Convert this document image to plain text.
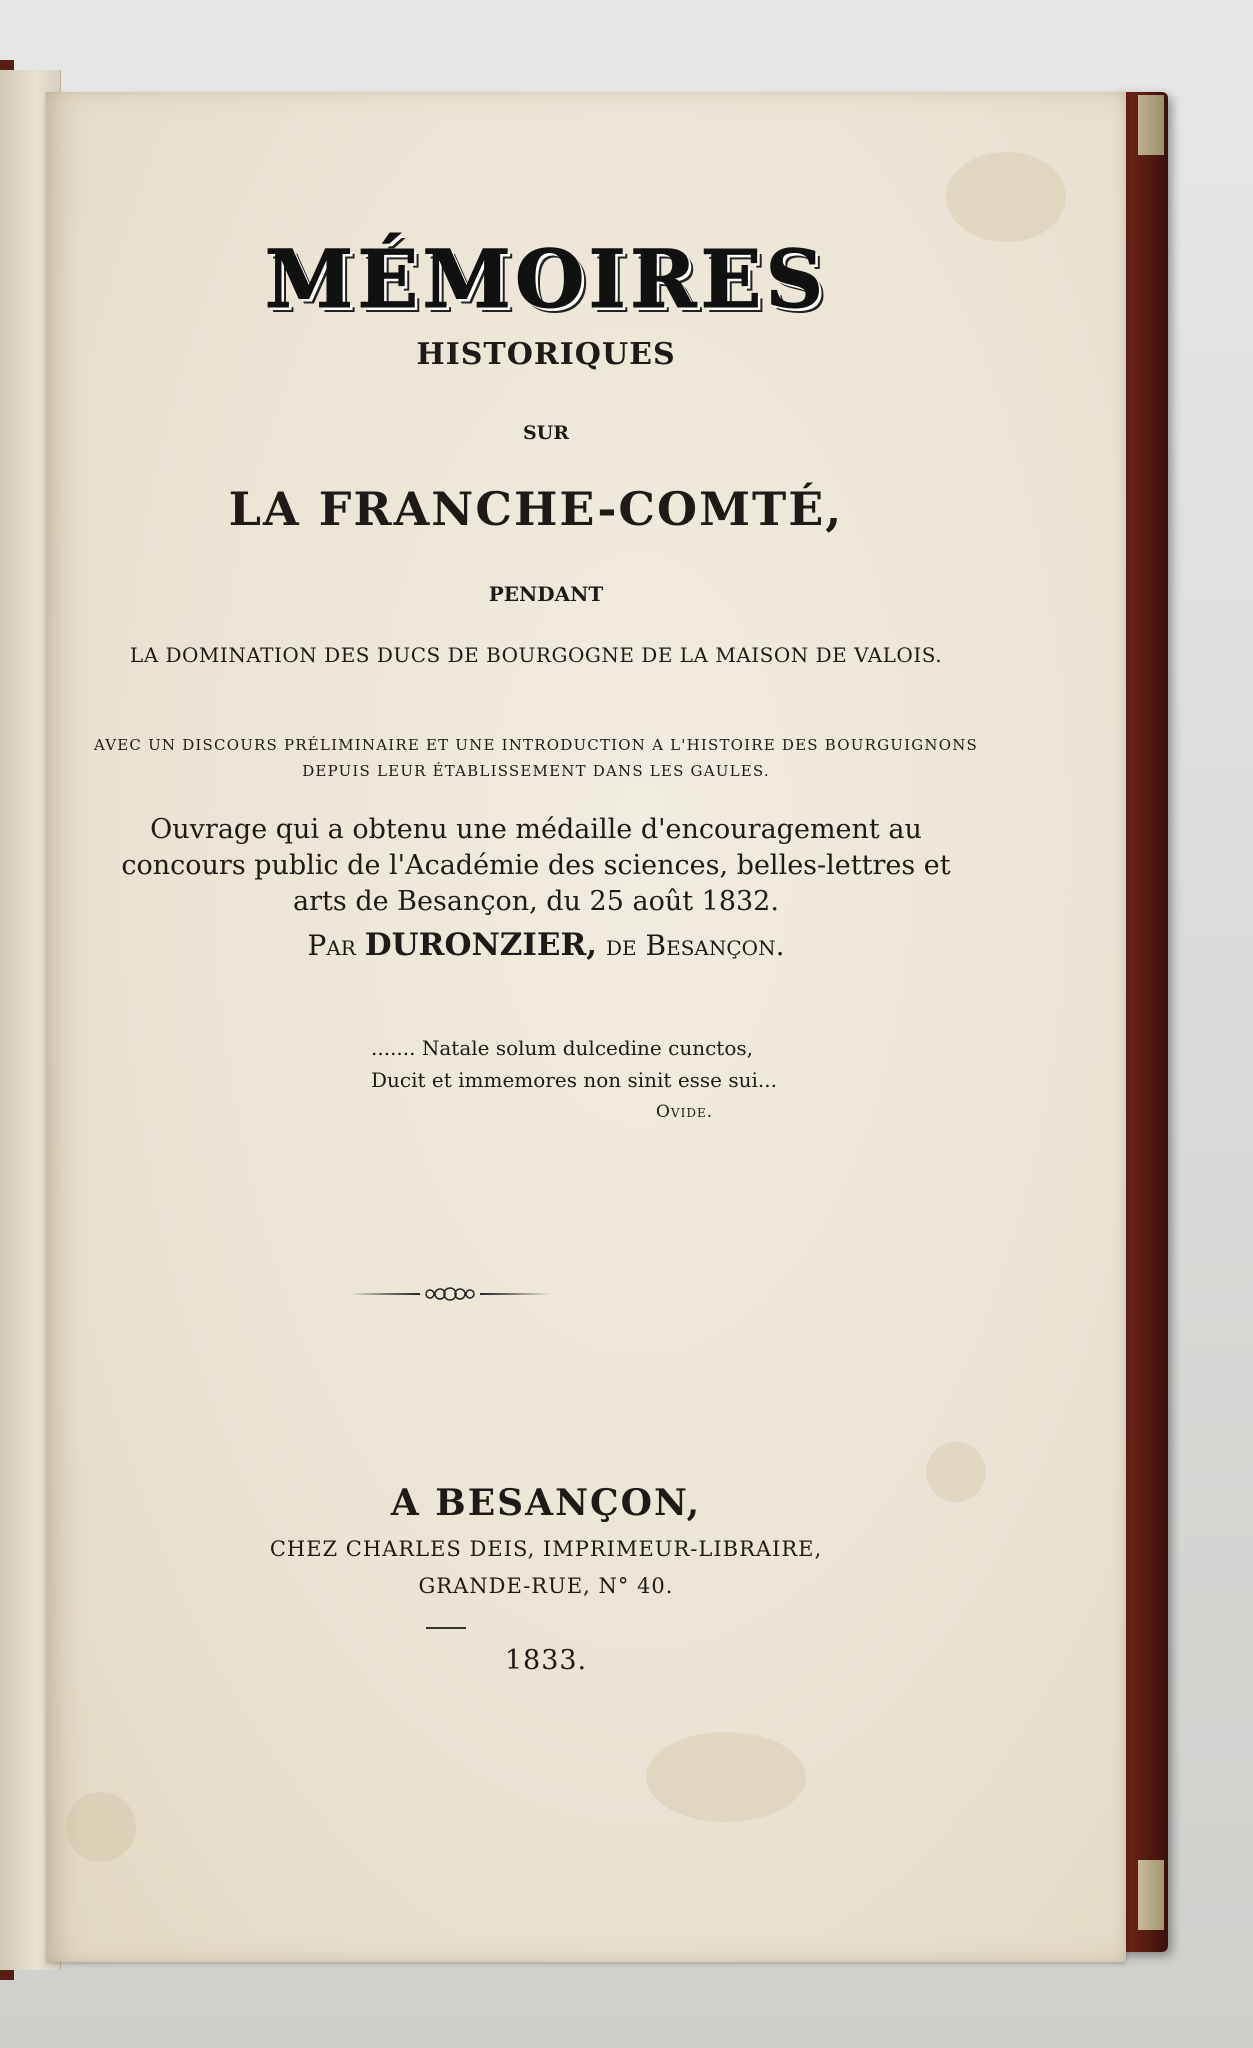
MÉMOIRES
HISTORIQUES
SUR
LA FRANCHE-COMTÉ,
PENDANT
LA DOMINATION DES DUCS DE BOURGOGNE DE LA MAISON DE VALOIS.
AVEC UN DISCOURS PRÉLIMINAIRE ET UNE INTRODUCTION A L'HISTOIRE DES BOURGUIGNONS DEPUIS LEUR ÉTABLISSEMENT DANS LES GAULES.
Ouvrage qui a obtenu une médaille d'encouragement au concours public de l'Académie des sciences, belles-lettres et arts de Besançon, du 25 août 1832.
Par DURONZIER, de Besançon.
....... Natale solum dulcedine cunctos,
Ducit et immemores non sinit esse sui...
Ovide.
A BESANÇON,
CHEZ CHARLES DEIS, IMPRIMEUR-LIBRAIRE,
GRANDE-RUE, N° 40.
1833.
